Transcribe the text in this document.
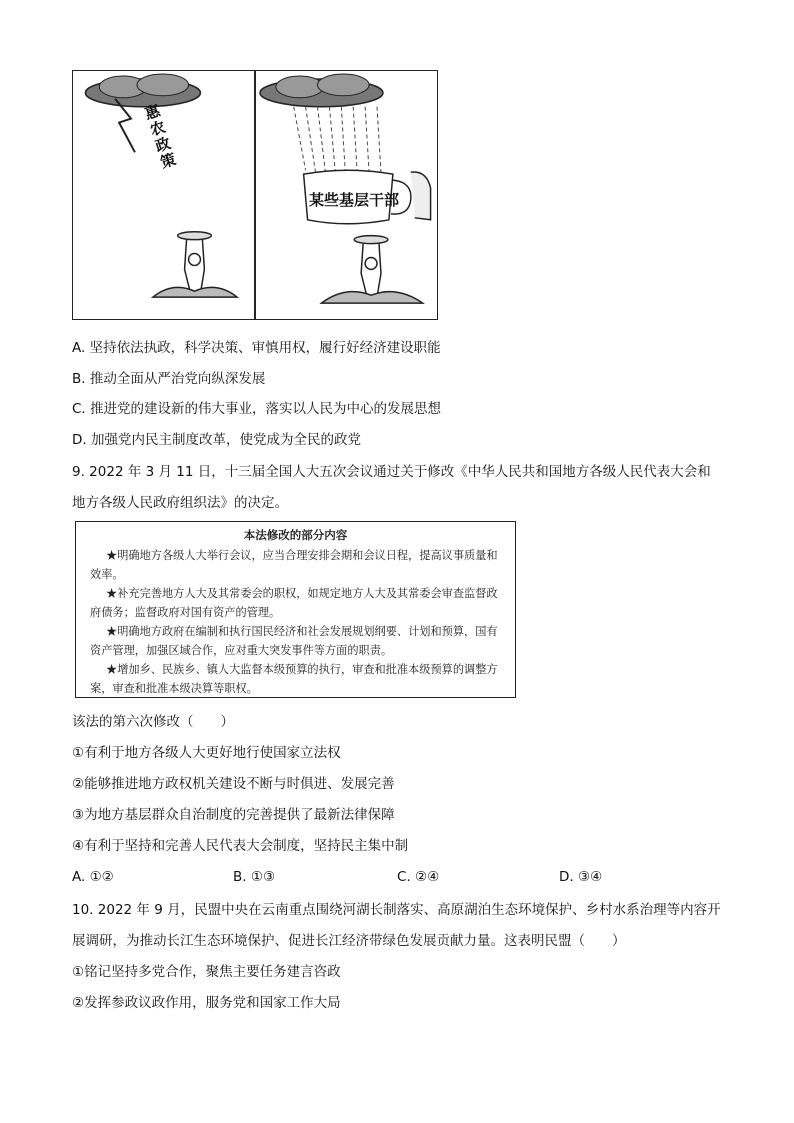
惠农政策
某些基层干部
A. 坚持依法执政，科学决策、审慎用权，履行好经济建设职能
B. 推动全面从严治党向纵深发展
C. 推进党的建设新的伟大事业，落实以人民为中心的发展思想
D. 加强党内民主制度改革，使党成为全民的政党
9. 2022 年 3 月 11 日，十三届全国人大五次会议通过关于修改《中华人民共和国地方各级人民代表大会和
地方各级人民政府组织法》的决定。
本法修改的部分内容
★明确地方各级人大举行会议，应当合理安排会期和会议日程，提高议事质量和效率。
★补充完善地方人大及其常委会的职权，如规定地方人大及其常委会审查监督政府债务；监督政府对国有资产的管理。
★明确地方政府在编制和执行国民经济和社会发展规划纲要、计划和预算，国有资产管理，加强区域合作，应对重大突发事件等方面的职责。
★增加乡、民族乡、镇人大监督本级预算的执行，审查和批准本级预算的调整方案，审查和批准本级决算等职权。
该法的第六次修改（　　）
①有利于地方各级人大更好地行使国家立法权
②能够推进地方政权机关建设不断与时俱进、发展完善
③为地方基层群众自治制度的完善提供了最新法律保障
④有利于坚持和完善人民代表大会制度，坚持民主集中制
A. ①②	B. ①③	C. ②④	D. ③④
10. 2022 年 9 月，民盟中央在云南重点围绕河湖长制落实、高原湖泊生态环境保护、乡村水系治理等内容开
展调研，为推动长江生态环境保护、促进长江经济带绿色发展贡献力量。这表明民盟（　　）
①铭记坚持多党合作，聚焦主要任务建言咨政
②发挥参政议政作用，服务党和国家工作大局
